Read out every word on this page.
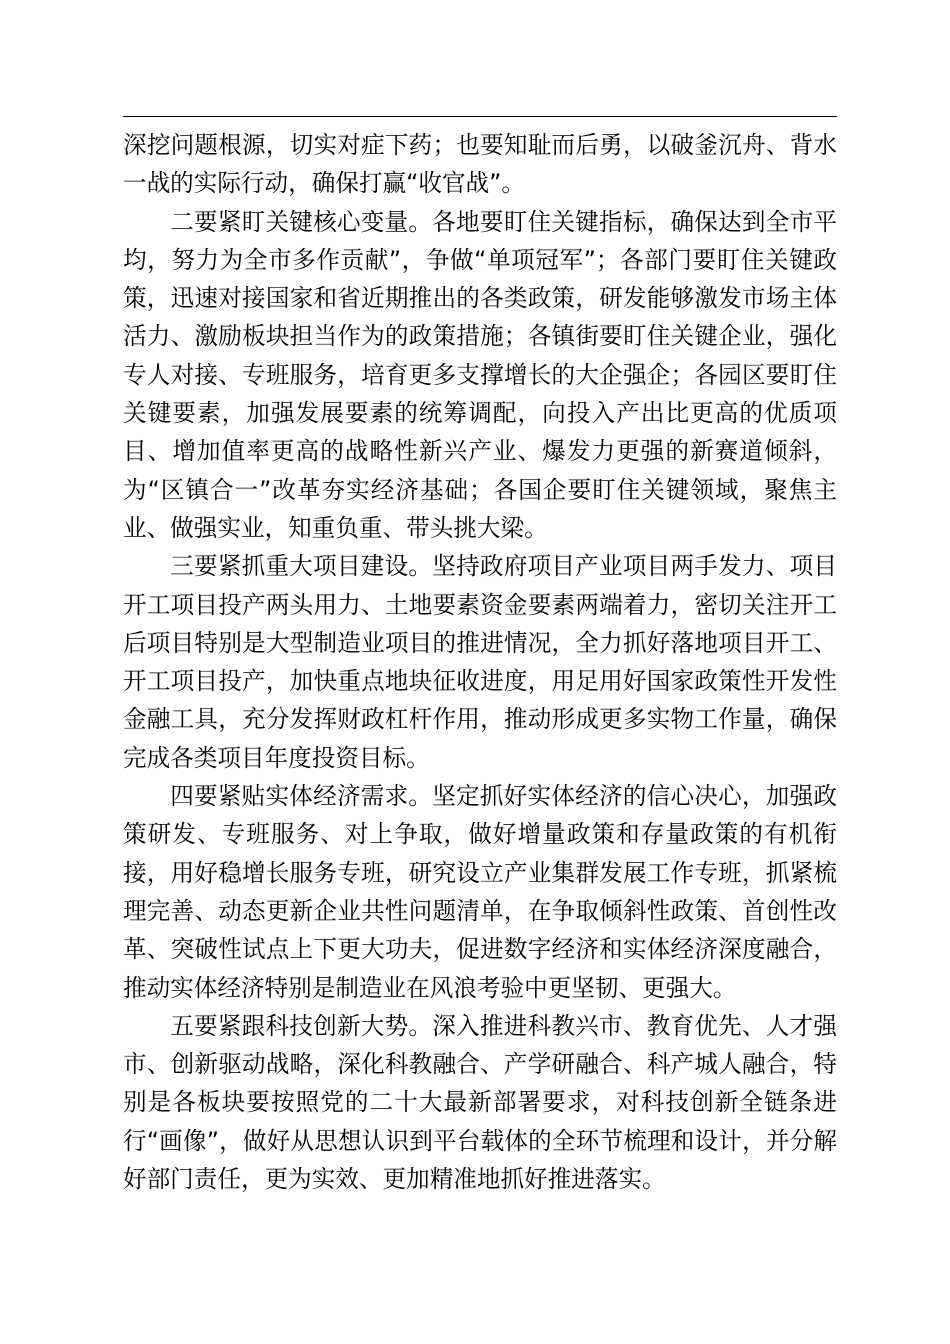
深挖问题根源，切实对症下药；也要知耻而后勇，以破釜沉舟、背水一战的实际行动，确保打赢“收官战”。

二要紧盯关键核心变量。各地要盯住关键指标，确保达到全市平均，努力为全市多作贡献”，争做“单项冠军”；各部门要盯住关键政策，迅速对接国家和省近期推出的各类政策，研发能够激发市场主体活力、激励板块担当作为的政策措施；各镇街要盯住关键企业，强化专人对接、专班服务，培育更多支撑增长的大企强企；各园区要盯住关键要素，加强发展要素的统筹调配，向投入产出比更高的优质项目、增加值率更高的战略性新兴产业、爆发力更强的新赛道倾斜，为“区镇合一”改革夯实经济基础；各国企要盯住关键领域，聚焦主业、做强实业，知重负重、带头挑大梁。

三要紧抓重大项目建设。坚持政府项目产业项目两手发力、项目开工项目投产两头用力、土地要素资金要素两端着力，密切关注开工后项目特别是大型制造业项目的推进情况，全力抓好落地项目开工、开工项目投产，加快重点地块征收进度，用足用好国家政策性开发性金融工具，充分发挥财政杠杆作用，推动形成更多实物工作量，确保完成各类项目年度投资目标。

四要紧贴实体经济需求。坚定抓好实体经济的信心决心，加强政策研发、专班服务、对上争取，做好增量政策和存量政策的有机衔接，用好稳增长服务专班，研究设立产业集群发展工作专班，抓紧梳理完善、动态更新企业共性问题清单，在争取倾斜性政策、首创性改革、突破性试点上下更大功夫，促进数字经济和实体经济深度融合，推动实体经济特别是制造业在风浪考验中更坚韧、更强大。

五要紧跟科技创新大势。深入推进科教兴市、教育优先、人才强市、创新驱动战略，深化科教融合、产学研融合、科产城人融合，特别是各板块要按照党的二十大最新部署要求，对科技创新全链条进行“画像”，做好从思想认识到平台载体的全环节梳理和设计，并分解好部门责任，更为实效、更加精准地抓好推进落实。
